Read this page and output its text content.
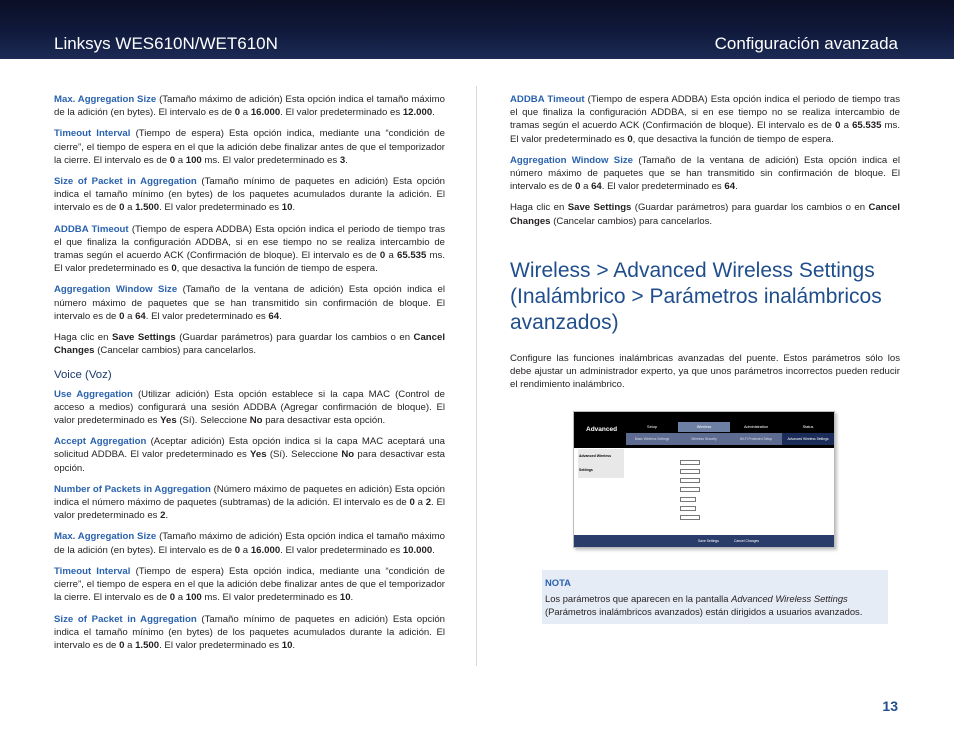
Linksys WES610N/WET610N	Configuración avanzada

Max. Aggregation Size (Tamaño máximo de adición) Esta opción indica el tamaño máximo de la adición (en bytes). El intervalo es de 0 a 16.000. El valor predeterminado es 12.000.

Timeout Interval (Tiempo de espera) Esta opción indica, mediante una “condición de cierre”, el tiempo de espera en el que la adición debe finalizar antes de que el temporizador la cierre. El intervalo es de 0 a 100 ms. El valor predeterminado es 3.

Size of Packet in Aggregation (Tamaño mínimo de paquetes en adición) Esta opción indica el tamaño mínimo (en bytes) de los paquetes acumulados durante la adición. El intervalo es de 0 a 1.500. El valor predeterminado es 10.

ADDBA Timeout (Tiempo de espera ADDBA) Esta opción indica el periodo de tiempo tras el que finaliza la configuración ADDBA, si en ese tiempo no se realiza intercambio de tramas según el acuerdo ACK (Confirmación de bloque). El intervalo es de 0 a 65.535 ms. El valor predeterminado es 0, que desactiva la función de tiempo de espera.

Aggregation Window Size (Tamaño de la ventana de adición) Esta opción indica el número máximo de paquetes que se han transmitido sin confirmación de bloque. El intervalo es de 0 a 64. El valor predeterminado es 64.

Haga clic en Save Settings (Guardar parámetros) para guardar los cambios o en Cancel Changes (Cancelar cambios) para cancelarlos.

Voice (Voz)

Use Aggregation (Utilizar adición) Esta opción establece si la capa MAC (Control de acceso a medios) configurará una sesión ADDBA (Agregar confirmación de bloque). El valor predeterminado es Yes (Sí). Seleccione No para desactivar esta opción.

Accept Aggregation (Aceptar adición) Esta opción indica si la capa MAC aceptará una solicitud ADDBA. El valor predeterminado es Yes (Sí). Seleccione No para desactivar esta opción.

Number of Packets in Aggregation (Número máximo de paquetes en adición) Esta opción indica el número máximo de paquetes (subtramas) de la adición. El intervalo es de 0 a 2. El valor predeterminado es 2.

Max. Aggregation Size (Tamaño máximo de adición) Esta opción indica el tamaño máximo de la adición (en bytes). El intervalo es de 0 a 16.000. El valor predeterminado es 10.000.

Timeout Interval (Tiempo de espera) Esta opción indica, mediante una “condición de cierre”, el tiempo de espera en el que la adición debe finalizar antes de que el temporizador la cierre. El intervalo es de 0 a 100 ms. El valor predeterminado es 10.

Size of Packet in Aggregation (Tamaño mínimo de paquetes en adición) Esta opción indica el tamaño mínimo (en bytes) de los paquetes acumulados durante la adición. El intervalo es de 0 a 1.500. El valor predeterminado es 10.

ADDBA Timeout (Tiempo de espera ADDBA) Esta opción indica el periodo de tiempo tras el que finaliza la configuración ADDBA, si en ese tiempo no se realiza intercambio de tramas según el acuerdo ACK (Confirmación de bloque). El intervalo es de 0 a 65.535 ms. El valor predeterminado es 0, que desactiva la función de tiempo de espera.

Aggregation Window Size (Tamaño de la ventana de adición) Esta opción indica el número máximo de paquetes que se han transmitido sin confirmación de bloque. El intervalo es de 0 a 64. El valor predeterminado es 64.

Haga clic en Save Settings (Guardar parámetros) para guardar los cambios o en Cancel Changes (Cancelar cambios) para cancelarlos.

Wireless > Advanced Wireless Settings (Inalámbrico > Parámetros inalámbricos avanzados)

Configure las funciones inalámbricas avanzadas del puente. Estos parámetros sólo los debe ajustar un administrador experto, ya que unos parámetros incorrectos pueden reducir el rendimiento inalámbrico.

Advanced	Setup	Wireless	Administration	Status
Basic Wireless Settings	Wireless Security	Wi-Fi Protected Setup	Advanced Wireless Settings
Advanced Wireless Settings
Save Settings	Cancel Changes
NOTA
Los parámetros que aparecen en la pantalla Advanced Wireless Settings (Parámetros inalámbricos avanzados) están dirigidos a usuarios avanzados.
13
